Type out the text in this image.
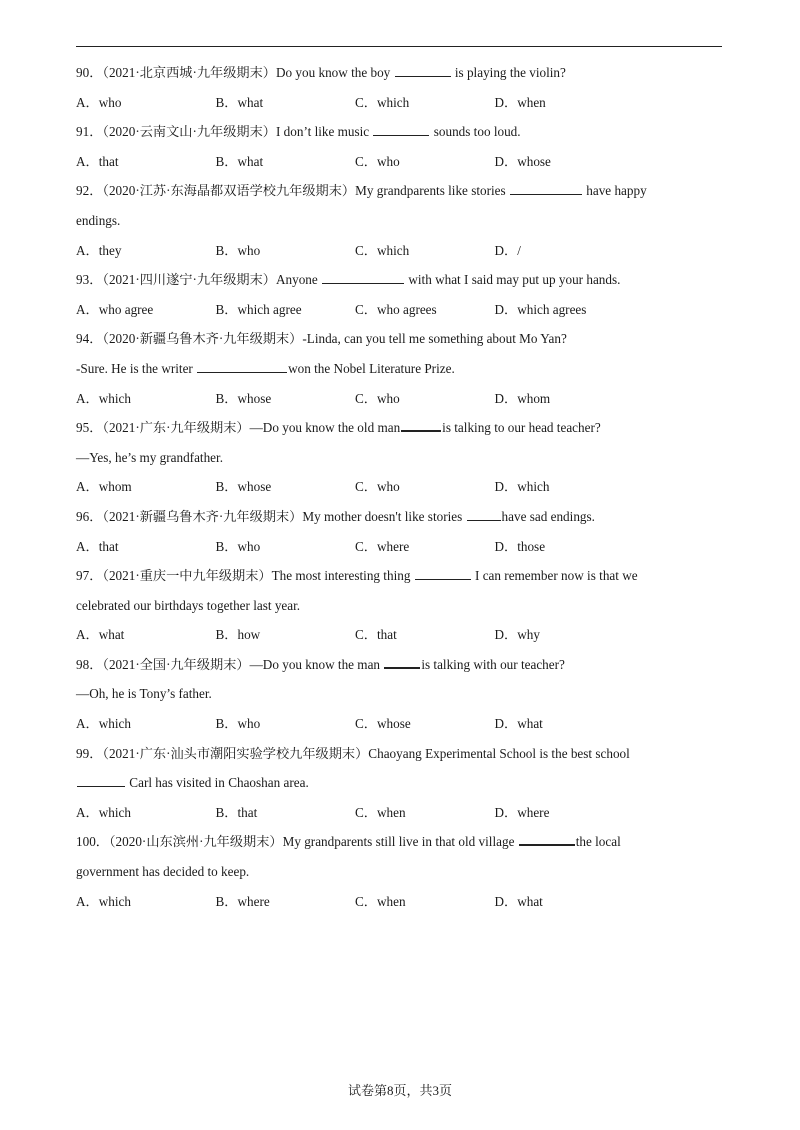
90．（2021·北京西城·九年级期末）Do you know the boy	is playing the violin?
A．who	B．what	C．which	D．when
91．（2020·云南文山·九年级期末）I don’t like music	sounds too loud.
A．that	B．what	C．who	D．whose
92．（2020·江苏·东海晶都双语学校九年级期末）My grandparents like stories	have happy
endings.
A．they	B．who	C．which	D．/
93．（2021·四川遂宁·九年级期末）Anyone	with what I said may put up your hands.
A．who agree	B．which agree	C．who agrees	D．which agrees
94．（2020·新疆乌鲁木齐·九年级期末）-Linda, can you tell me something about Mo Yan?
-Sure. He is the writer	won the Nobel Literature Prize.
A．which	B．whose	C．who	D．whom
95．（2021·广东·九年级期末）—Do you know the old man	is talking to our head teacher?
—Yes, he’s my grandfather.
A．whom	B．whose	C．who	D．which
96．（2021·新疆乌鲁木齐·九年级期末）My mother doesn't like stories	have sad endings.
A．that	B．who	C．where	D．those
97．（2021·重庆一中九年级期末）The most interesting thing	I can remember now is that we
celebrated our birthdays together last year.
A．what	B．how	C．that	D．why
98．（2021·全国·九年级期末）—Do you know the man	is talking with our teacher?
—Oh, he is Tony’s father.
A．which	B．who	C．whose	D．what
99．（2021·广东·汕头市潮阳实验学校九年级期末）Chaoyang Experimental School is the best school
Carl has visited in Chaoshan area.
A．which	B．that	C．when	D．where
100．（2020·山东滨州·九年级期末）My grandparents still live in that old village	the local
government has decided to keep.
A．which	B．where	C．when	D．what
试卷第8页，共3页
